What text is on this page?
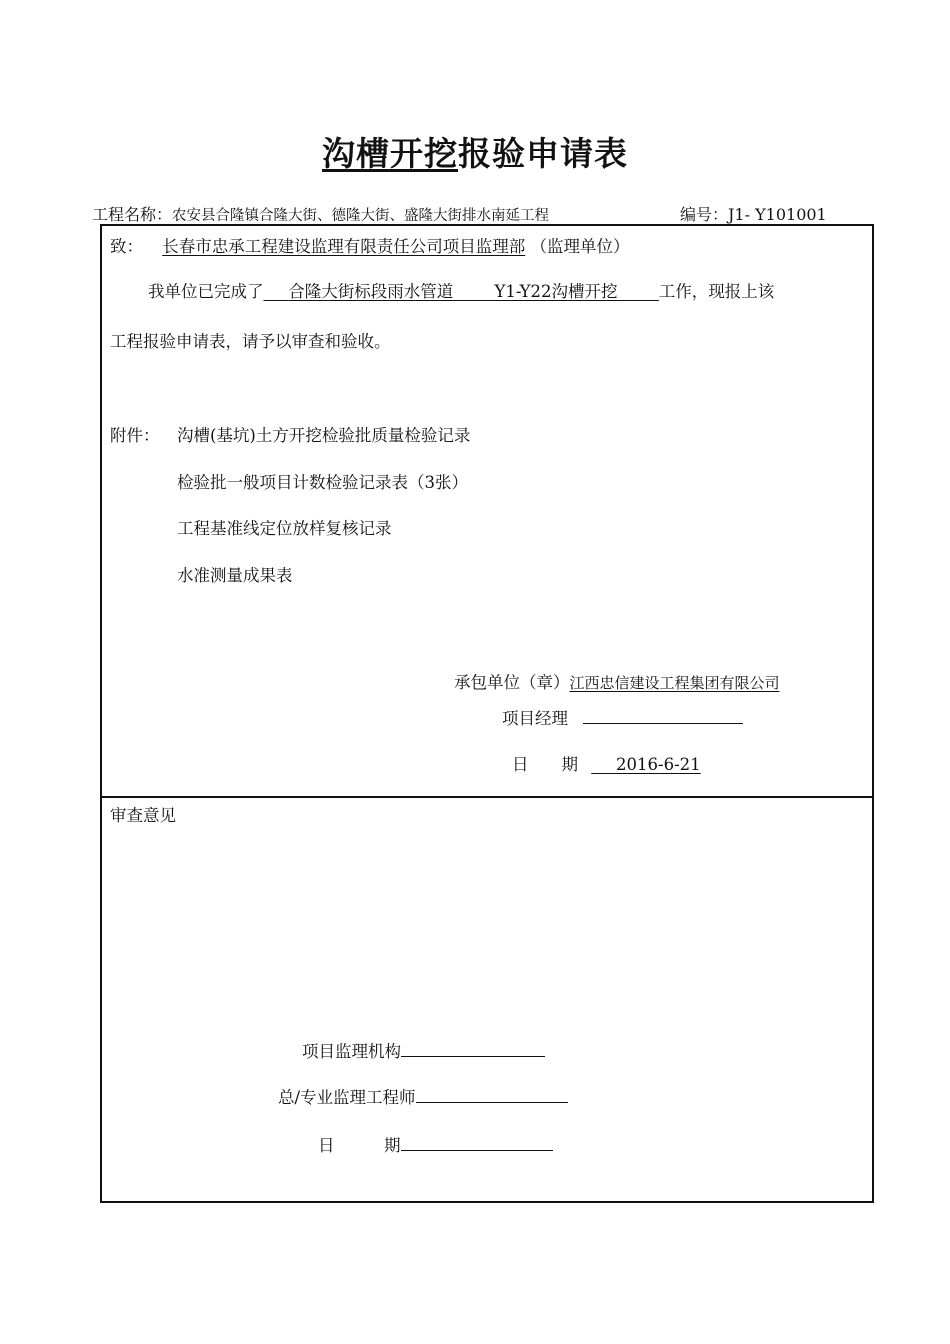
沟槽开挖报验申请表
工程名称：农安县合隆镇合隆大街、德隆大街、盛隆大街排水南延工程	编号：J1- Y101001
致： 长春市忠承工程建设监理有限责任公司项目监理部 （监理单位）
我单位已完成了    合隆大街标段雨水管道     	Y1-Y22沟槽开挖     	工作，现报上该
工程报验申请表，请予以审查和验收。
附件： 沟槽(基坑)土方开挖检验批质量检验记录
检验批一般项目计数检验记录表（3张）
工程基准线定位放样复核记录
水准测量成果表
承包单位（章）江西忠信建设工程集团有限公司
项目经理
日　　期     2016-6-21
审查意见
项目监理机构
总/专业监理工程师
日　　　期
